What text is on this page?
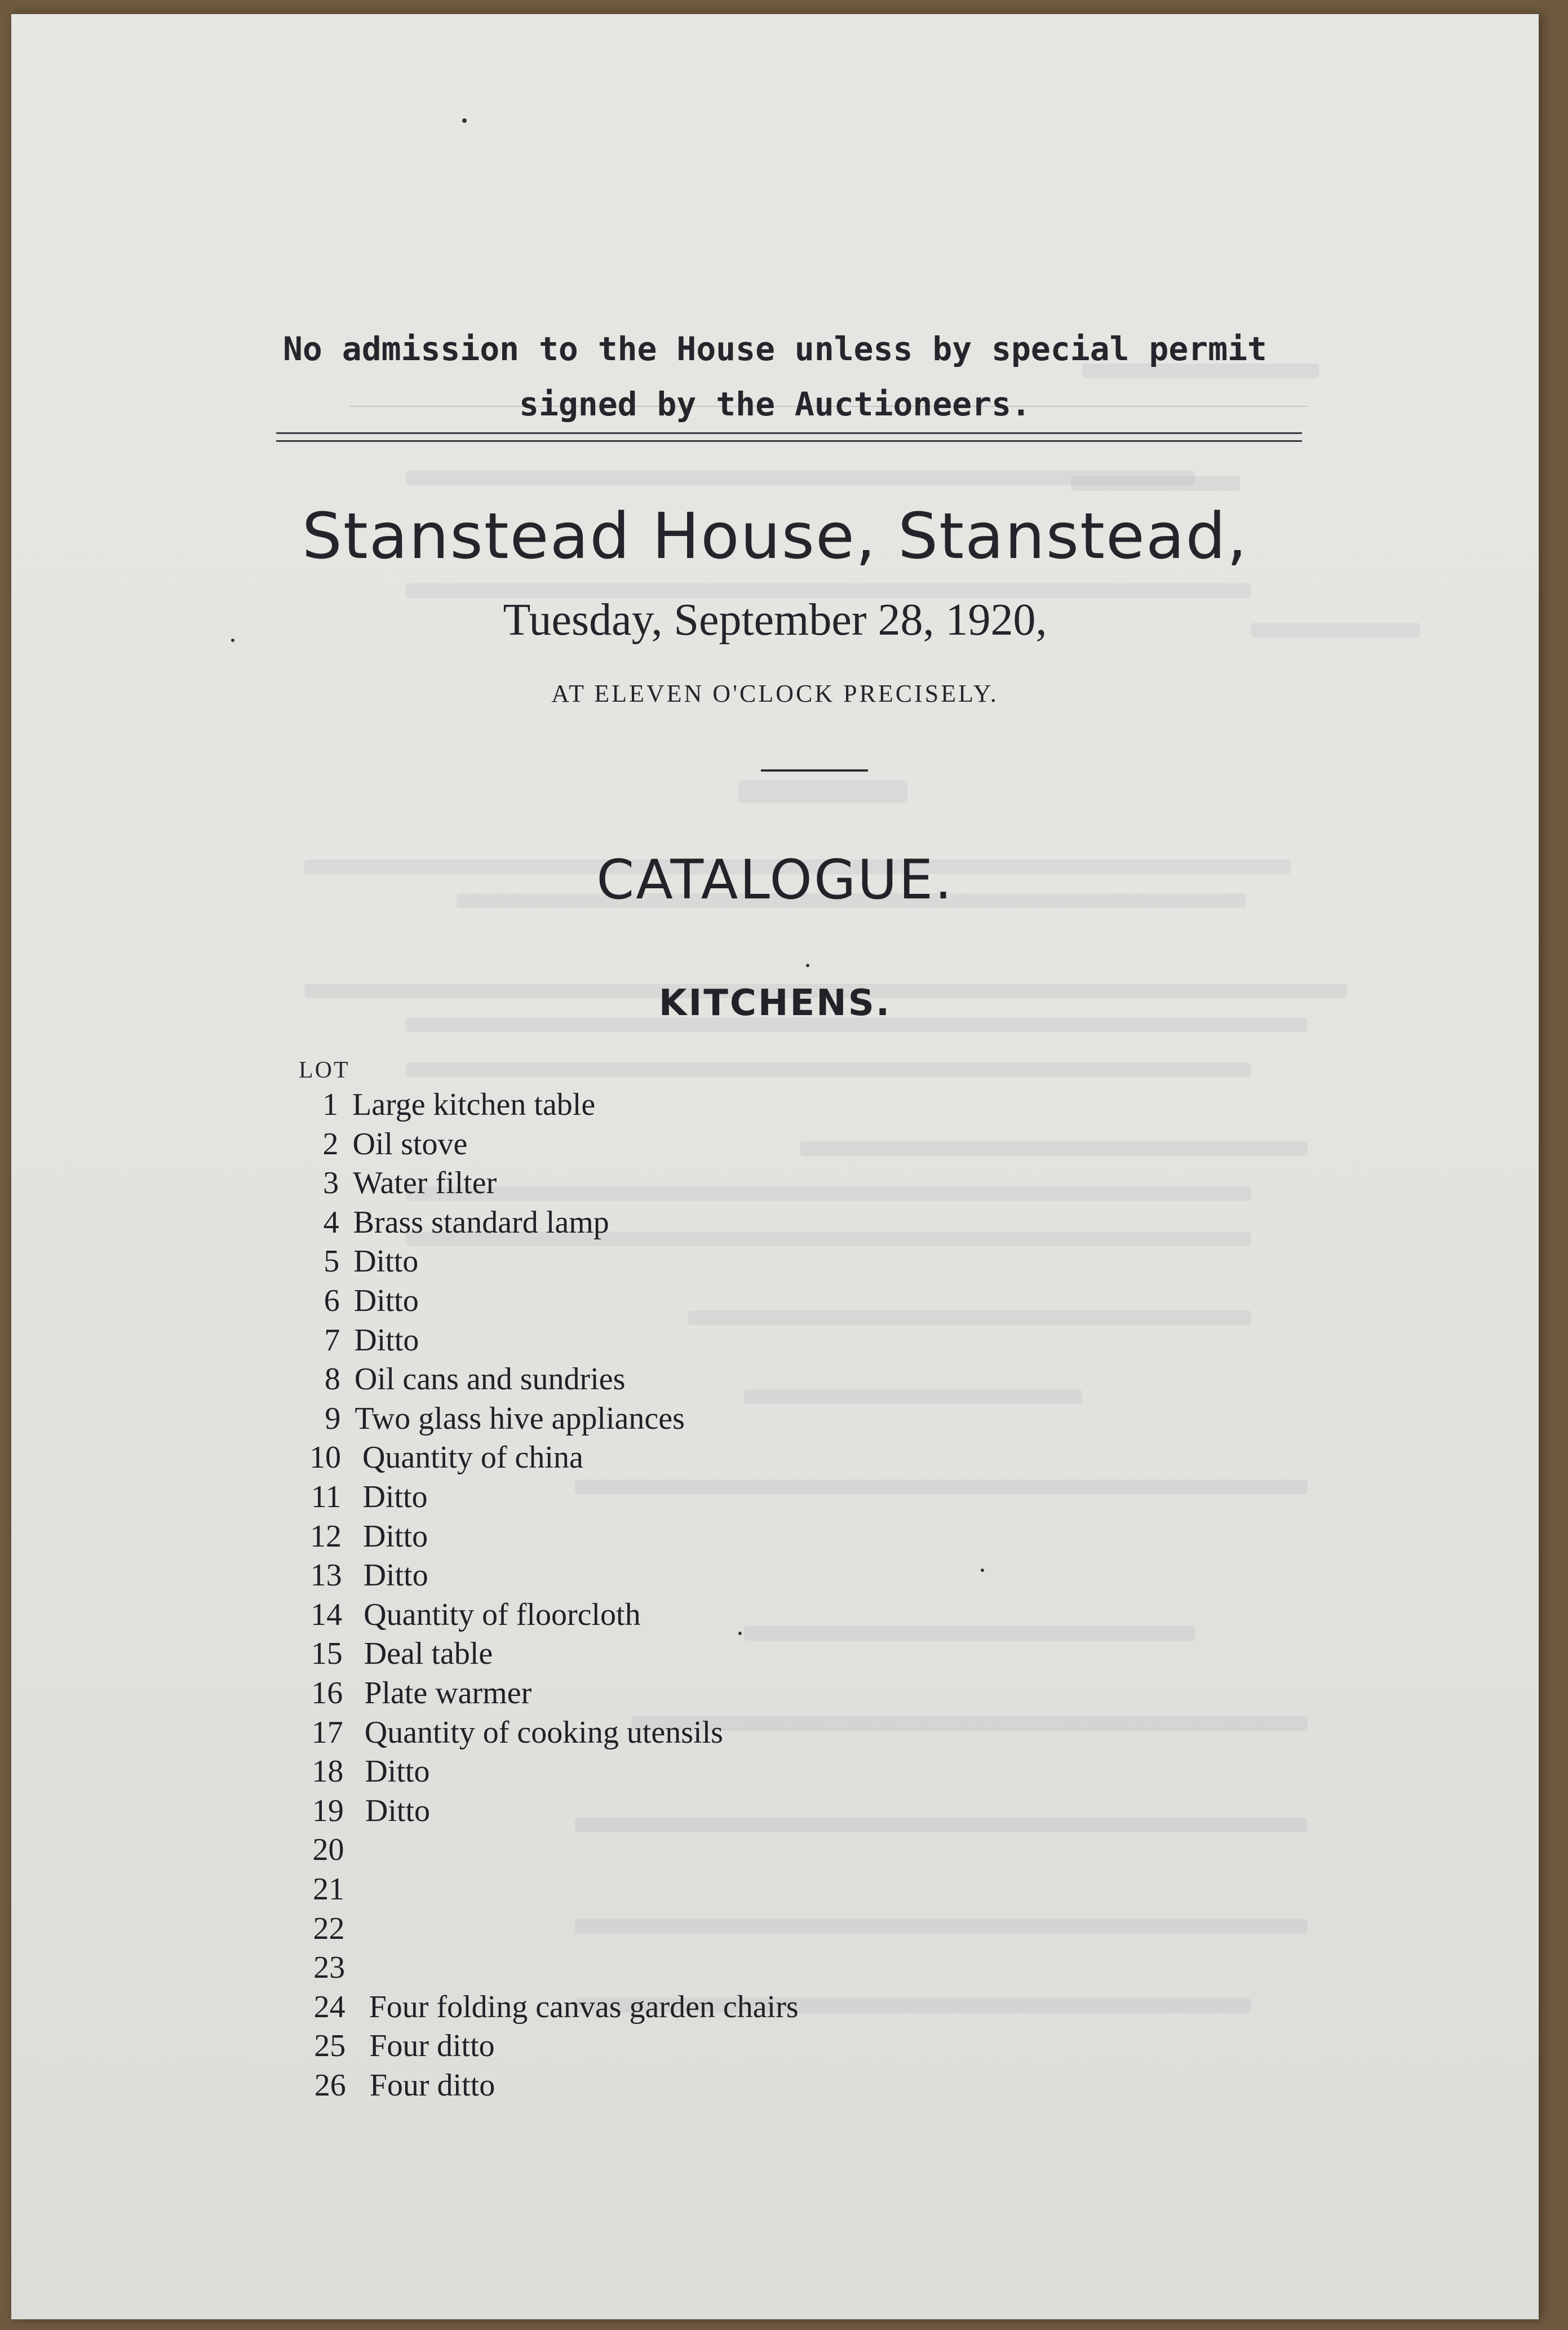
No admission to the House unless by special permit
signed by the Auctioneers.
Stanstead House, Stanstead,
Tuesday, September 28, 1920,
AT ELEVEN O'CLOCK PRECISELY.
CATALOGUE.
KITCHENS.
LOT
1 Large kitchen table
2 Oil stove
3 Water filter
4 Brass standard lamp
5 Ditto
6 Ditto
7 Ditto
8 Oil cans and sundries
9 Two glass hive appliances
10 Quantity of china
11 Ditto
12 Ditto
13 Ditto
14 Quantity of floorcloth
15 Deal table
16 Plate warmer
17 Quantity of cooking utensils
18 Ditto
19 Ditto
20
21
22
23
24 Four folding canvas garden chairs
25 Four ditto
26 Four ditto
